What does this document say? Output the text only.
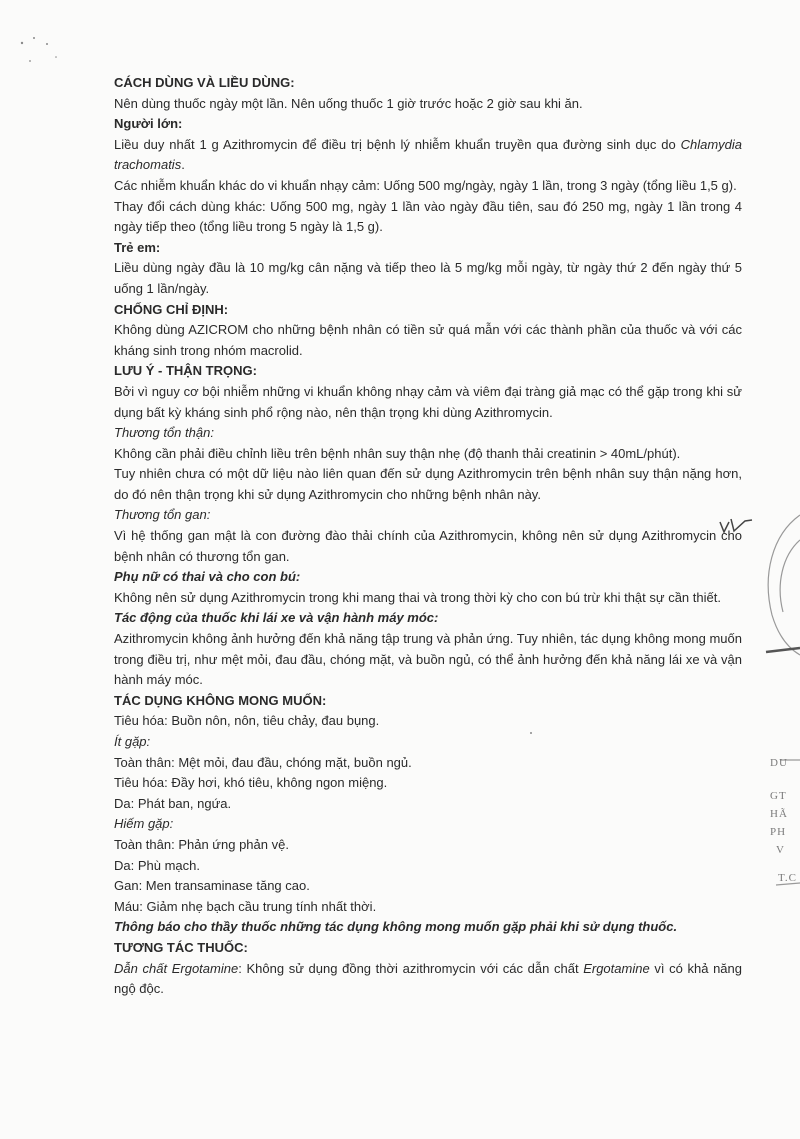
DU
GT
HÃ
PH
V
T.C

CÁCH DÙNG VÀ LIỀU DÙNG:

Nên dùng thuốc ngày một lần. Nên uống thuốc 1 giờ trước hoặc 2 giờ sau khi ăn.

Người lớn:

Liều duy nhất 1 g Azithromycin để điều trị bệnh lý nhiễm khuẩn truyền qua đường sinh dục do Chlamydia trachomatis.

Các nhiễm khuẩn khác do vi khuẩn nhạy cảm: Uống 500 mg/ngày, ngày 1 lần, trong 3 ngày (tổng liều 1,5 g).

Thay đổi cách dùng khác: Uống 500 mg, ngày 1 lần vào ngày đầu tiên, sau đó 250 mg, ngày 1 lần trong 4 ngày tiếp theo (tổng liều trong 5 ngày là 1,5 g).

Trẻ em:

Liều dùng ngày đầu là 10 mg/kg cân nặng và tiếp theo là 5 mg/kg mỗi ngày, từ ngày thứ 2 đến ngày thứ 5 uống 1 lần/ngày.

CHỐNG CHỈ ĐỊNH:

Không dùng AZICROM cho những bệnh nhân có tiền sử quá mẫn với các thành phần của thuốc và với các kháng sinh trong nhóm macrolid.

LƯU Ý - THẬN TRỌNG:

Bởi vì nguy cơ bội nhiễm những vi khuẩn không nhạy cảm và viêm đại tràng giả mạc có thể gặp trong khi sử dụng bất kỳ kháng sinh phổ rộng nào, nên thận trọng khi dùng Azithromycin.

Thương tổn thận:

Không cần phải điều chỉnh liều trên bệnh nhân suy thận nhẹ (độ thanh thải creatinin > 40mL/phút).

Tuy nhiên chưa có một dữ liệu nào liên quan đến sử dụng Azithromycin trên bệnh nhân suy thận nặng hơn, do đó nên thận trọng khi sử dụng Azithromycin cho những bệnh nhân này.

Thương tổn gan:

Vì hệ thống gan mật là con đường đào thải chính của Azithromycin, không nên sử dụng Azithromycin cho bệnh nhân có thương tổn gan.

Phụ nữ có thai và cho con bú:

Không nên sử dụng Azithromycin trong khi mang thai và trong thời kỳ cho con bú trừ khi thật sự cần thiết.

Tác động của thuốc khi lái xe và vận hành máy móc:

Azithromycin không ảnh hưởng đến khả năng tập trung và phản ứng. Tuy nhiên, tác dụng không mong muốn trong điều trị, như mệt mỏi, đau đầu, chóng mặt, và buồn ngủ, có thể ảnh hưởng đến khả năng lái xe và vận hành máy móc.

TÁC DỤNG KHÔNG MONG MUỐN:

Tiêu hóa: Buồn nôn, nôn, tiêu chảy, đau bụng.

Ít gặp:

Toàn thân: Mệt mỏi, đau đầu, chóng mặt, buồn ngủ.

Tiêu hóa: Đầy hơi, khó tiêu, không ngon miệng.

Da: Phát ban, ngứa.

Hiếm gặp:

Toàn thân: Phản ứng phản vệ.

Da: Phù mạch.

Gan: Men transaminase tăng cao.

Máu: Giảm nhẹ bạch cầu trung tính nhất thời.

Thông báo cho thầy thuốc những tác dụng không mong muốn gặp phải khi sử dụng thuốc.

TƯƠNG TÁC THUỐC:

Dẫn chất Ergotamine: Không sử dụng đồng thời azithromycin với các dẫn chất Ergotamine vì có khả năng ngộ độc.
